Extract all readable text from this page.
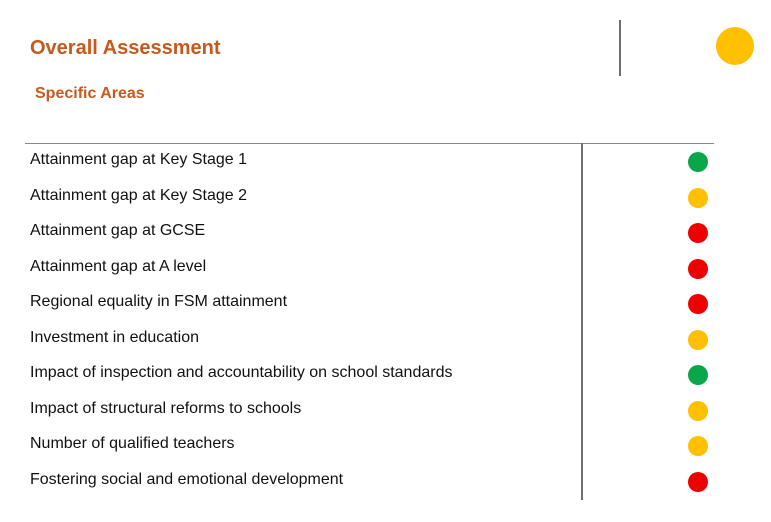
Overall Assessment
Specific Areas
Attainment gap at Key Stage 1
Attainment gap at Key Stage 2
Attainment gap at GCSE
Attainment gap at A level
Regional equality in FSM attainment
Investment in education
Impact of inspection and accountability on school standards
Impact of structural reforms to schools
Number of qualified teachers
Fostering social and emotional development
